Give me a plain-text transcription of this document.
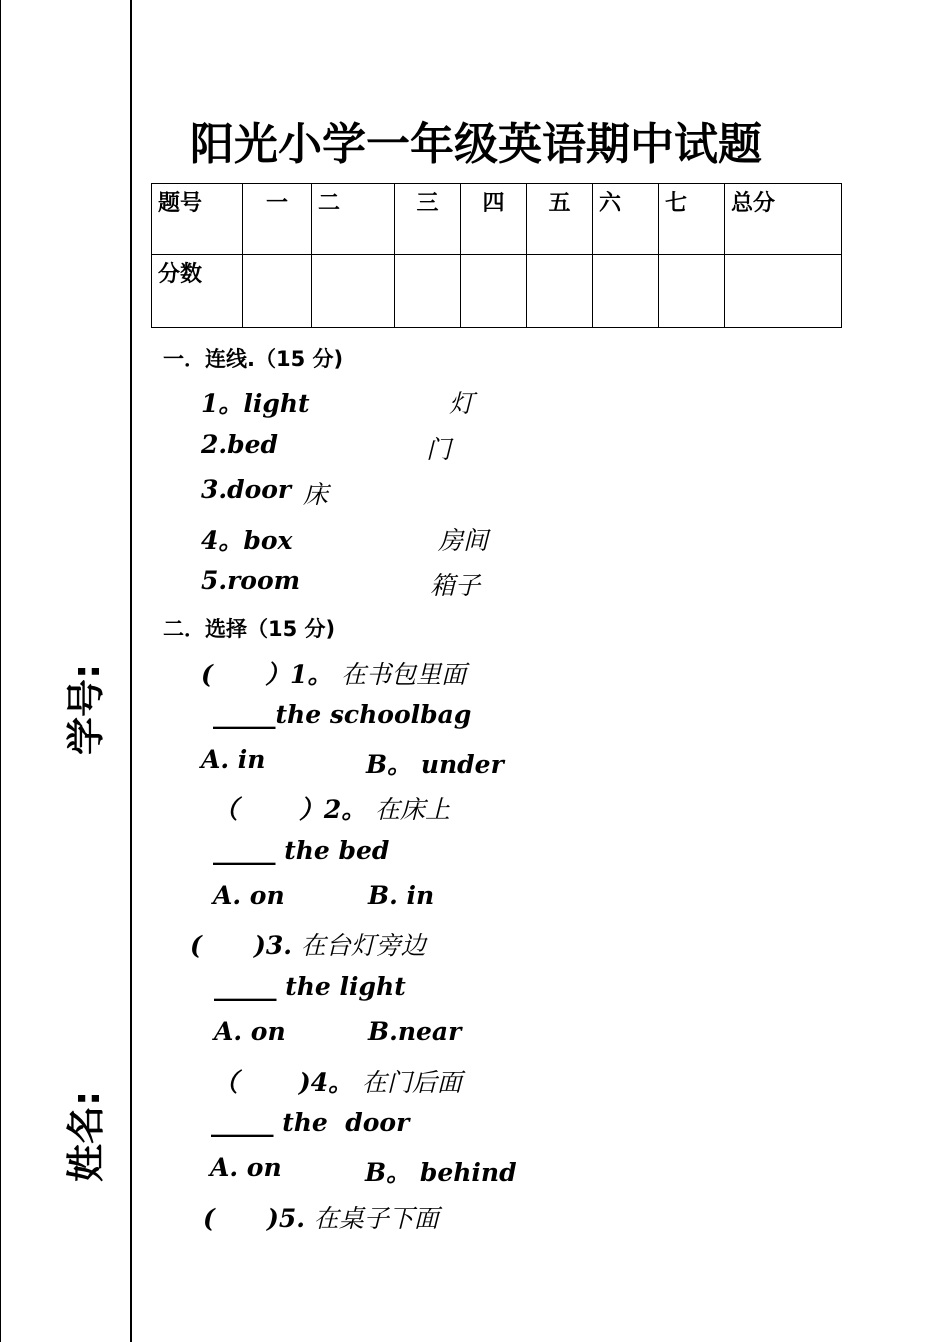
学号:
姓名:
阳光小学一年级英语期中试题
题号	一	二	三	四	五	六	七	总分
分数								
一．连线.（15 分)
1。light	灯
2.bed	门
3.door 床
4。box	房间
5.room	箱子
二．选择（15 分)
(      ）1。 在书包里面
_____the schoolbag
A. in	B。 under
（       ）2。 在床上
_____ the bed
A. on	B. in
(      )3. 在台灯旁边
_____ the light
A. on	B.near
（       )4。 在门后面
_____ the  door
A. on	B。 behind
(      )5. 在桌子下面
